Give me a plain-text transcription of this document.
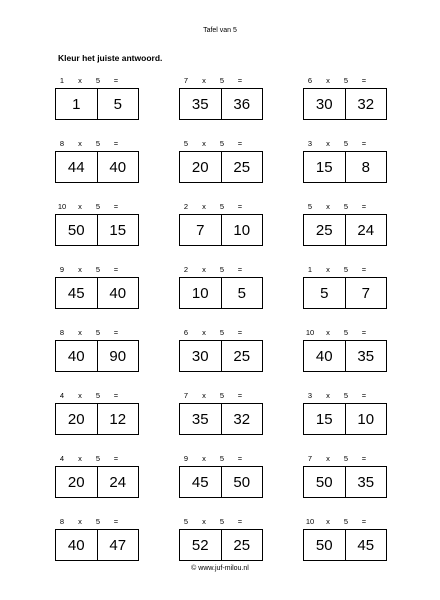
Tafel van 5
Kleur het juiste antwoord.
1	x	5	=
1	5
7	x	5	=
35	36
6	x	5	=
30	32
8	x	5	=
44	40
5	x	5	=
20	25
3	x	5	=
15	8
10	x	5	=
50	15
2	x	5	=
7	10
5	x	5	=
25	24
9	x	5	=
45	40
2	x	5	=
10	5
1	x	5	=
5	7
8	x	5	=
40	90
6	x	5	=
30	25
10	x	5	=
40	35
4	x	5	=
20	12
7	x	5	=
35	32
3	x	5	=
15	10
4	x	5	=
20	24
9	x	5	=
45	50
7	x	5	=
50	35
8	x	5	=
40	47
5	x	5	=
52	25
10	x	5	=
50	45
© www.juf-milou.nl
